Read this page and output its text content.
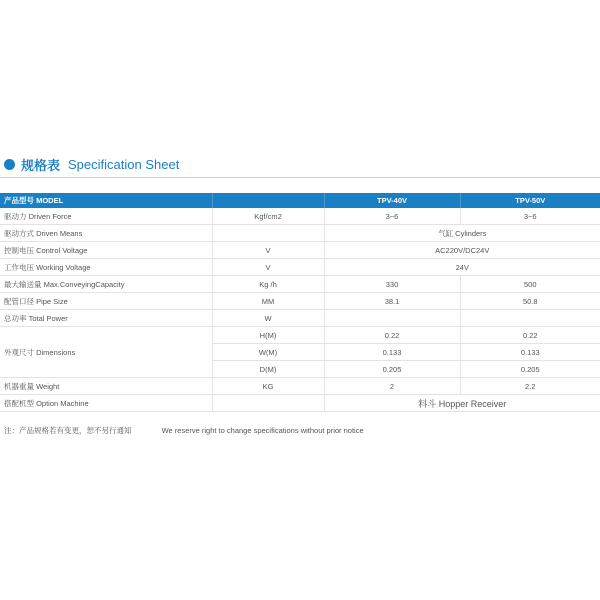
规格表 Specification Sheet
产品型号 MODEL		TPV-40V	TPV-50V
驱动力 Driven Force	Kgf/cm2	3~6	3~6
驱动方式 Driven Means		气缸 Cylinders	
控制电压 Control Voltage	V	AC220V/DC24V	
工作电压 Working Voltage	V	24V	
最大输送量 Max.ConveyingCapacity	Kg /h	330	500
配管口径 Pipe Size	MM	38.1	50.8
总功率 Total Power	W		
外观尺寸 Dimensions	H(M)	0.22	0.22
	W(M)	0.133	0.133
	D(M)	0.205	0.205
机器重量 Weight	KG	2	2.2
搭配机型 Option Machine		料斗 Hopper Receiver	
注：产品规格若有变更，恕不另行通知	We reserve right to change specifications without prior notice
